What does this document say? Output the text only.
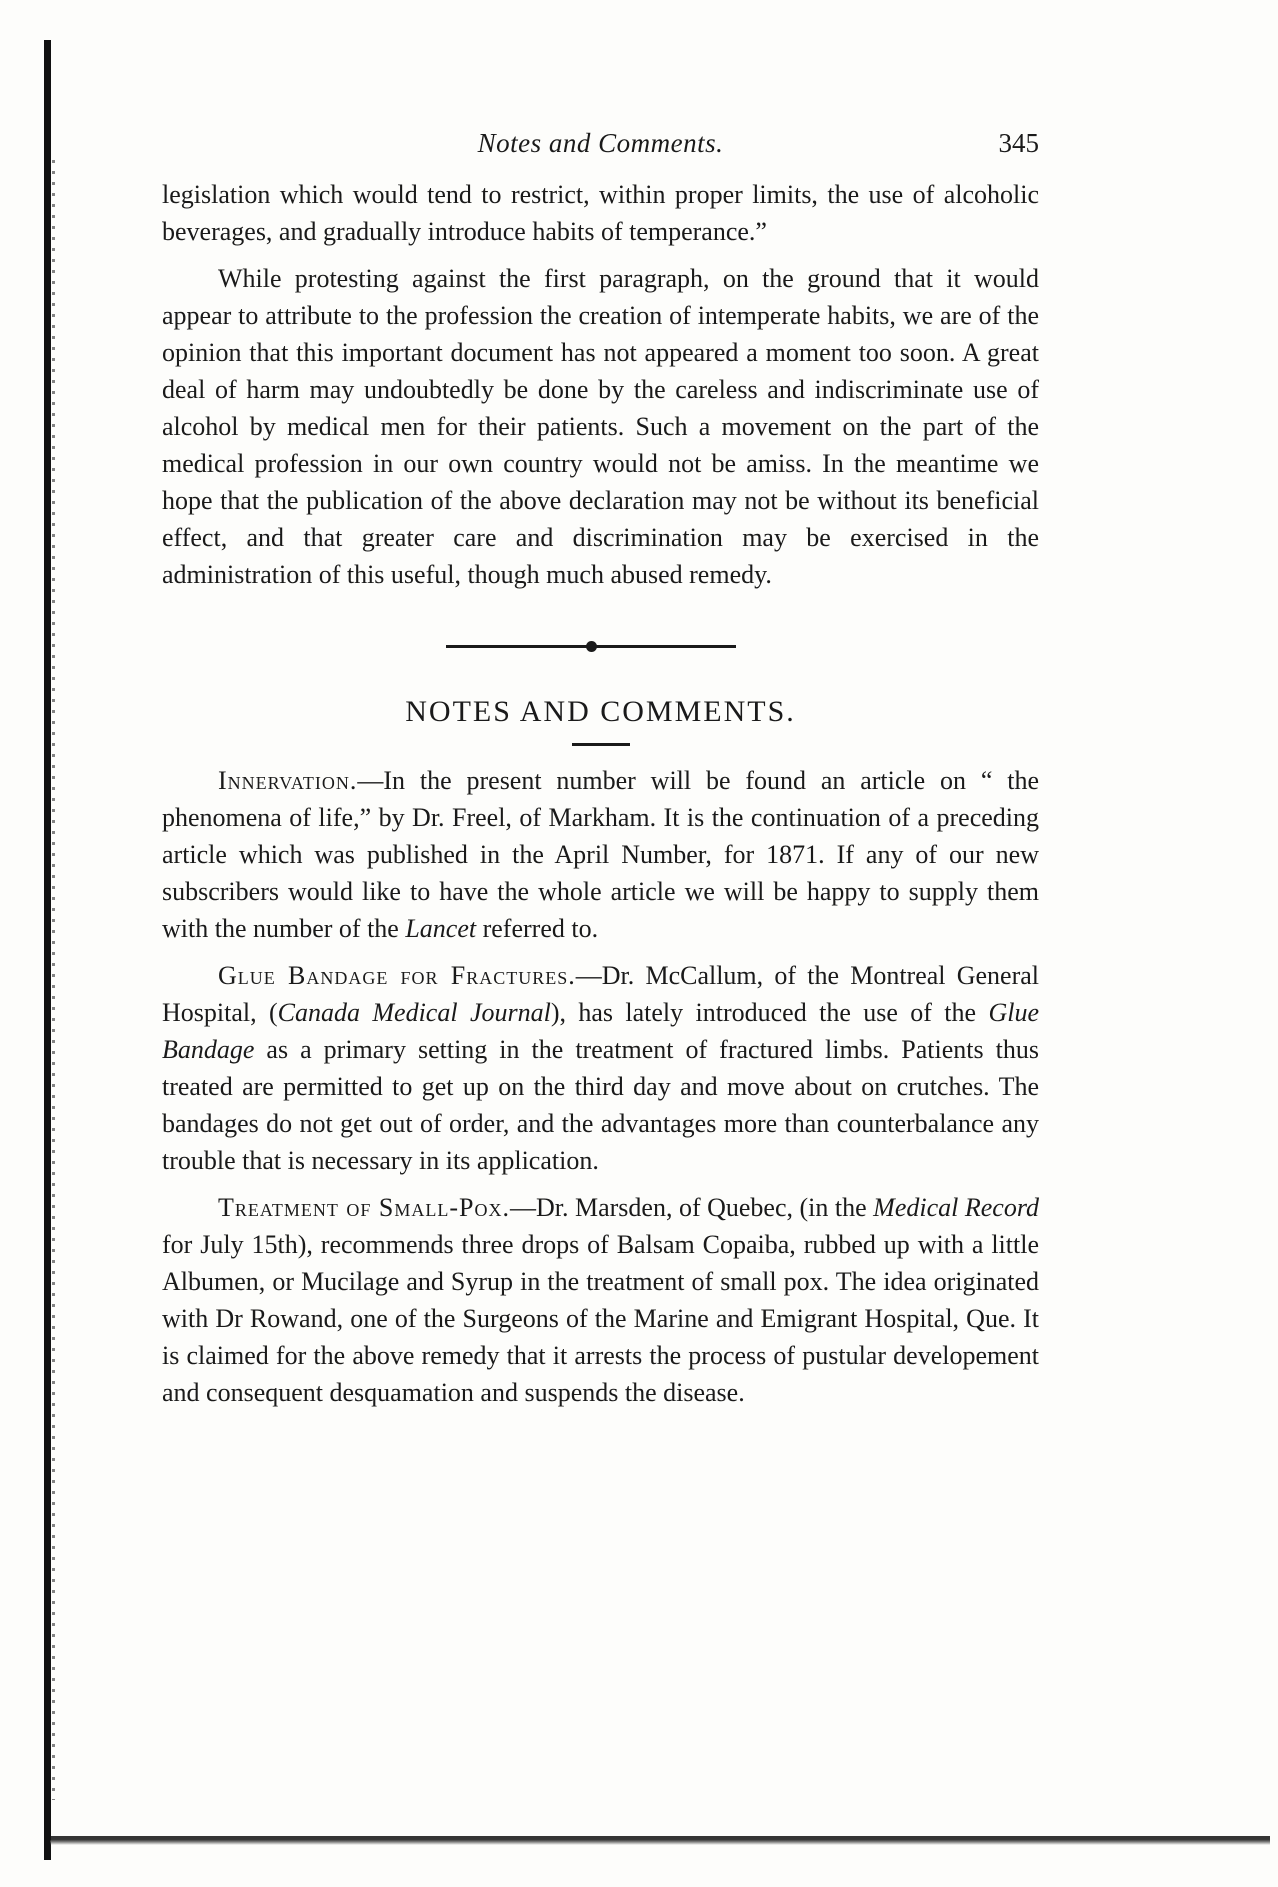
Notes and Comments.	345

legislation which would tend to restrict, within proper limits, the use of alcoholic beverages, and gradually introduce habits of temperance.”

While protesting against the first paragraph, on the ground that it would appear to attribute to the profession the creation of intemperate habits, we are of the opinion that this important document has not appeared a moment too soon. A great deal of harm may undoubtedly be done by the careless and indiscriminate use of alcohol by medical men for their patients. Such a movement on the part of the medical profession in our own country would not be amiss. In the meantime we hope that the publication of the above declaration may not be without its beneficial effect, and that greater care and discrimination may be exercised in the administration of this useful, though much abused remedy.

NOTES AND COMMENTS.

Innervation.—In the present number will be found an article on “ the phenomena of life,” by Dr. Freel, of Markham. It is the continuation of a preceding article which was published in the April Number, for 1871. If any of our new subscribers would like to have the whole article we will be happy to supply them with the number of the Lancet referred to.

Glue Bandage for Fractures.—Dr. McCallum, of the Montreal General Hospital, (Canada Medical Journal), has lately introduced the use of the Glue Bandage as a primary setting in the treatment of fractured limbs. Patients thus treated are permitted to get up on the third day and move about on crutches. The bandages do not get out of order, and the advantages more than counterbalance any trouble that is necessary in its application.

Treatment of Small-Pox.—Dr. Marsden, of Quebec, (in the Medical Record for July 15th), recommends three drops of Balsam Copaiba, rubbed up with a little Albumen, or Mucilage and Syrup in the treatment of small pox. The idea originated with Dr Rowand, one of the Surgeons of the Marine and Emigrant Hospital, Que. It is claimed for the above remedy that it arrests the process of pustular developement and consequent desquamation and suspends the disease.
